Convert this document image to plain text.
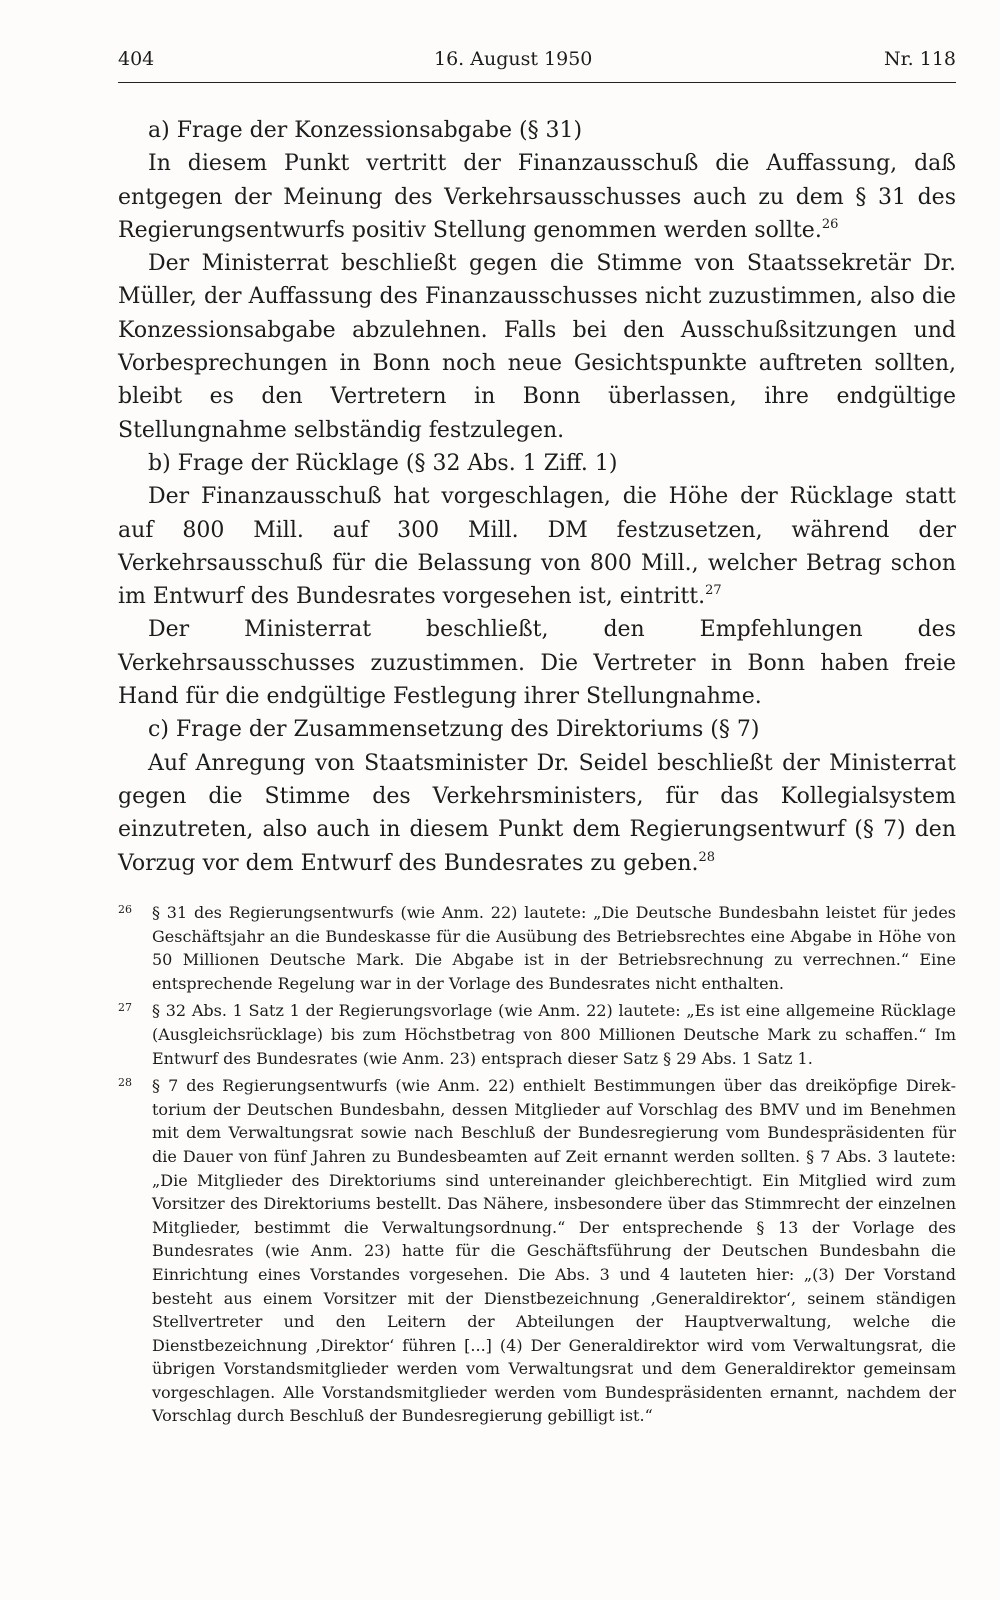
404	16. August 1950	Nr. 118

a) Frage der Konzessionsabgabe (§ 31)

In diesem Punkt vertritt der Finanzausschuß die Auffassung, daß entgegen der Meinung des Verkehrsausschusses auch zu dem § 31 des Regierungsentwurfs positiv Stellung genommen werden sollte.$^{26}$

Der Ministerrat beschließt gegen die Stimme von Staatssekretär Dr. Müller, der Auffassung des Finanzausschusses nicht zuzustimmen, also die Konzessionsabgabe abzulehnen. Falls bei den Ausschußsitzungen und Vorbesprechungen in Bonn noch neue Gesichtspunkte auftreten sollten, bleibt es den Vertretern in Bonn überlassen, ihre endgültige Stellungnahme selbständig festzulegen.

b) Frage der Rücklage (§ 32 Abs. 1 Ziff. 1)

Der Finanzausschuß hat vorgeschlagen, die Höhe der Rücklage statt auf 800 Mill. auf 300 Mill. DM festzusetzen, während der Verkehrsausschuß für die Belassung von 800 Mill., welcher Betrag schon im Entwurf des Bundesrates vorgesehen ist, eintritt.$^{27}$

Der Ministerrat beschließt, den Empfehlungen des Verkehrsausschusses zuzustimmen. Die Vertreter in Bonn haben freie Hand für die endgültige Festlegung ihrer Stellungnahme.

c) Frage der Zusammensetzung des Direktoriums (§ 7)

Auf Anregung von Staatsminister Dr. Seidel beschließt der Ministerrat gegen die Stimme des Verkehrsministers, für das Kollegialsystem einzutreten, also auch in diesem Punkt dem Regierungsentwurf (§ 7) den Vorzug vor dem Entwurf des Bundesrates zu geben.$^{28}$

26 § 31 des Regierungsentwurfs (wie Anm. 22) lautete: „Die Deutsche Bundesbahn leistet für jedes Geschäftsjahr an die Bundeskasse für die Ausübung des Betriebsrechtes eine Abgabe in Höhe von 50 Millionen Deutsche Mark. Die Abgabe ist in der Betriebsrechnung zu verrechnen.“ Eine entsprechende Regelung war in der Vorlage des Bundesrates nicht enthalten.
27 § 32 Abs. 1 Satz 1 der Regierungsvorlage (wie Anm. 22) lautete: „Es ist eine allgemeine Rücklage (Ausgleichsrücklage) bis zum Höchstbetrag von 800 Millionen Deutsche Mark zu schaffen.“ Im Entwurf des Bundesrates (wie Anm. 23) entsprach dieser Satz § 29 Abs. 1 Satz 1.
28 § 7 des Regierungsentwurfs (wie Anm. 22) enthielt Bestimmungen über das dreiköpfige Direktorium der Deutschen Bundesbahn, dessen Mitglieder auf Vorschlag des BMV und im Benehmen mit dem Verwaltungsrat sowie nach Beschluß der Bundesregierung vom Bundespräsidenten für die Dauer von fünf Jahren zu Bundesbeamten auf Zeit ernannt werden sollten. § 7 Abs. 3 lautete: „Die Mitglieder des Direktoriums sind untereinander gleichberechtigt. Ein Mitglied wird zum Vorsitzer des Direktoriums bestellt. Das Nähere, insbesondere über das Stimmrecht der einzelnen Mitglieder, bestimmt die Verwaltungsordnung.“ Der entsprechende § 13 der Vorlage des Bundesrates (wie Anm. 23) hatte für die Geschäftsführung der Deutschen Bundesbahn die Einrichtung eines Vorstandes vorgesehen. Die Abs. 3 und 4 lauteten hier: „(3) Der Vorstand besteht aus einem Vorsitzer mit der Dienstbezeichnung ‚Generaldirektor‘, seinem ständigen Stellvertreter und den Leitern der Abteilungen der Hauptverwaltung, welche die Dienstbezeichnung ‚Direktor‘ führen [...] (4) Der Generaldirektor wird vom Verwaltungsrat, die übrigen Vorstandsmitglieder werden vom Verwaltungsrat und dem Generaldirektor gemeinsam vorgeschlagen. Alle Vorstandsmitglieder werden vom Bundespräsidenten ernannt, nachdem der Vorschlag durch Beschluß der Bundesregierung gebilligt ist.“
